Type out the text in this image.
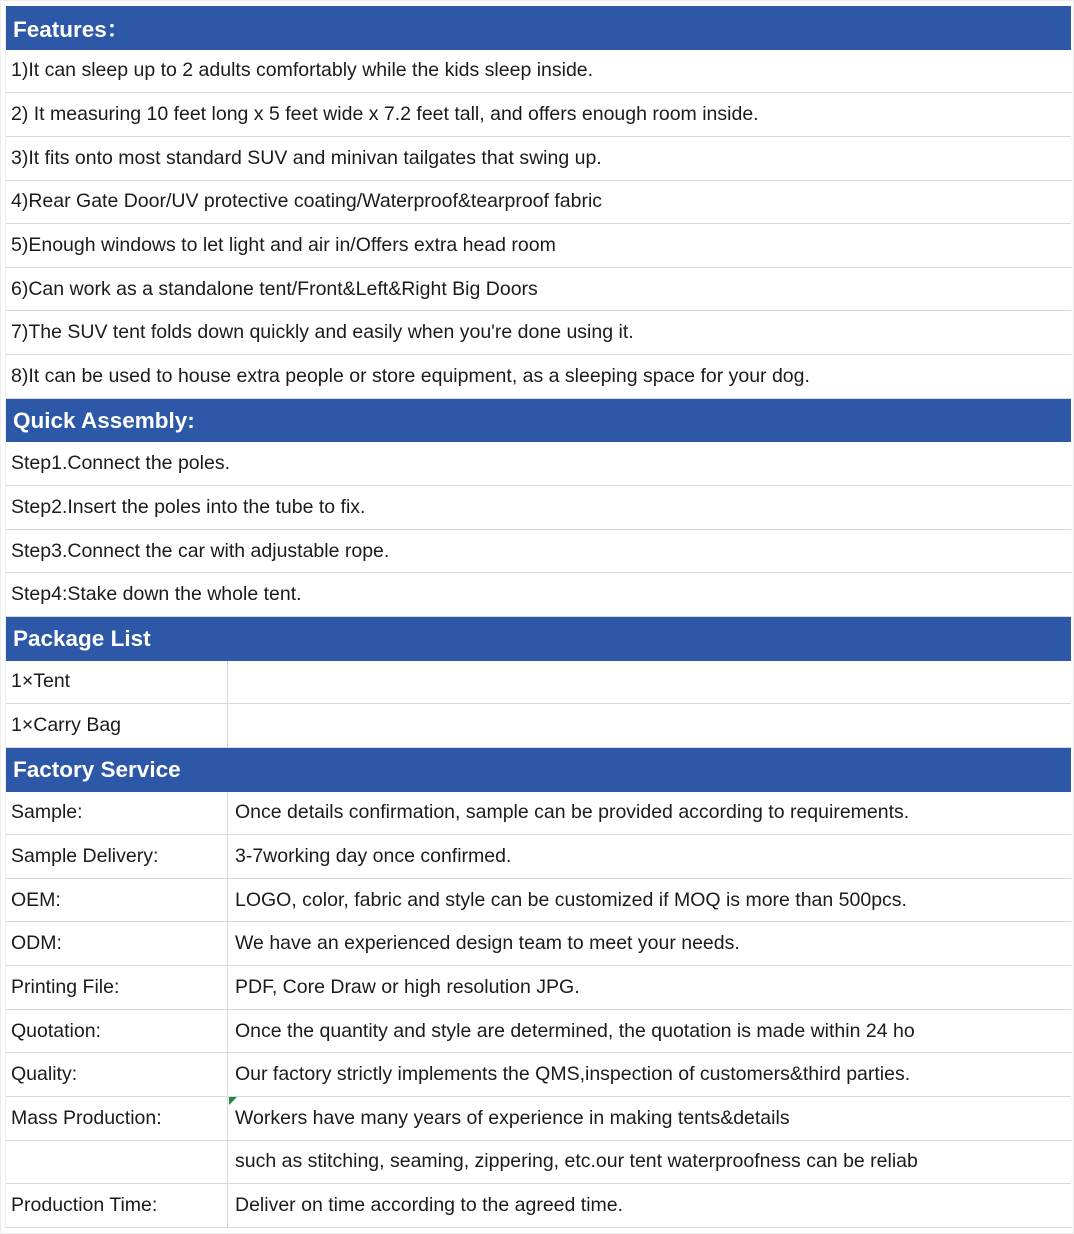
Features：
1)It can sleep up to 2 adults comfortably while the kids sleep inside.
2) It measuring 10 feet long x 5 feet wide x 7.2 feet tall, and offers enough room inside.
3)It fits onto most standard SUV and minivan tailgates that swing up.
4)Rear Gate Door/UV protective coating/Waterproof&tearproof fabric
5)Enough windows to let light and air in/Offers extra head room
6)Can work as a standalone tent/Front&Left&Right Big Doors
7)The SUV tent folds down quickly and easily when you're done using it.
8)It can be used to house extra people or store equipment, as a sleeping space for your dog.
Quick Assembly:
Step1.Connect the poles.
Step2.Insert the poles into the tube to fix.
Step3.Connect the car with adjustable rope.
Step4:Stake down the whole tent.
Package List
1×Tent
1×Carry Bag
Factory Service
Sample:	Once details confirmation, sample can be provided according to requirements.
Sample Delivery:	3-7working day once confirmed.
OEM:	LOGO, color, fabric and style can be customized if MOQ is more than 500pcs.
ODM:	We have an experienced design team to meet your needs.
Printing File:	PDF, Core Draw or high resolution JPG.
Quotation:	Once the quantity and style are determined, the quotation is made within 24 ho
Quality:	Our factory strictly implements the QMS,inspection of customers&third parties.
Mass Production:	Workers have many years of experience in making tents&details
such as stitching, seaming, zippering, etc.our tent waterproofness can be reliab
Production Time:	Deliver on time according to the agreed time.
